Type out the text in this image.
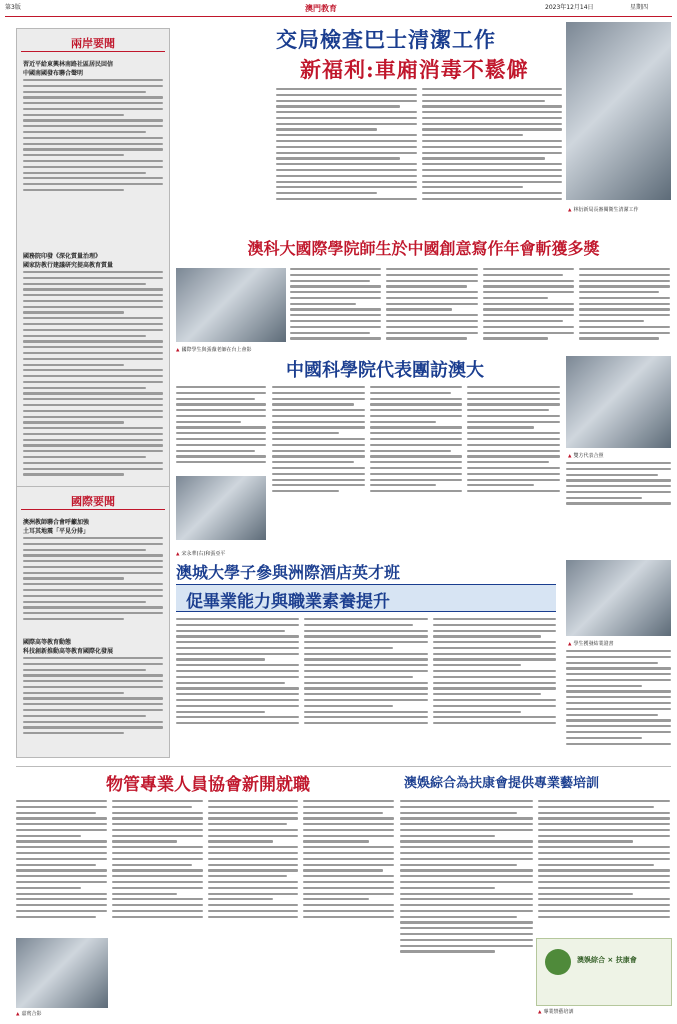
第3版	澳門教育	2023年12月14日	星期四
兩岸要聞
習近平給東興林南路社區居民回信
中國南國發布聯合聲明
國務院印發《深化質量治理》
國家防教行建議研究提高教育質量
國際要聞
澳洲教師聯合會呼籲加強
土耳其地震「平見分排」
國際高等教育動態
科技創新推動高等教育國際化發展
交局檢查巴士清潔工作
新福利:車廂消毒不鬆僻
▲ 林衍新局長審閱衛生清潔工作
澳科大國際學院師生於中國創意寫作年會斬獲多獎
▲ 國際學生與張薇老師在台上會影
中國科學院代表團訪澳大
▲ 雙方代表合照
▲ 宋永華(右)和張亞平
澳城大學子參與洲際酒店英才班
促畢業能力與職業素養提升
▲ 學生獲發結業證書
物管專業人員協會新開就職
▲ 嘉賓合影
澳娛綜合為扶康會提供專業藝培訓
澳娛綜合 × 扶康會
▲ 專業禁藝培訓
